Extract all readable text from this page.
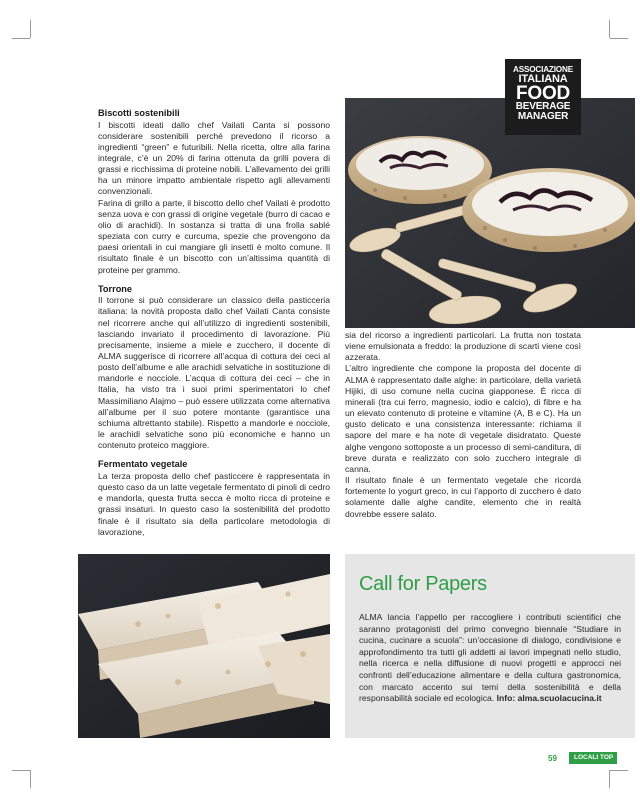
Biscotti sostenibili

I biscotti ideati dallo chef Vailati Canta si possono considerare sostenibili perché prevedono il ricorso a ingredienti “green” e futuribili. Nella ricetta, oltre alla farina integrale, c’è un 20% di farina ottenuta da grilli povera di grassi e ricchissima di proteine nobili. L’allevamento dei grilli ha un minore impatto ambientale rispetto agli allevamenti convenzionali.

Farina di grillo a parte, il biscotto dello chef Vailati è prodotto senza uova e con grassi di origine vegetale (burro di cacao e olio di arachidi). In sostanza si tratta di una frolla sablé speziata con curry e curcuma, spezie che provengono da paesi orientali in cui mangiare gli insetti è molto comune. Il risultato finale è un biscotto con un’altissima quantità di proteine per grammo.

Torrone

Il torrone si può considerare un classico della pasticceria italiana: la novità proposta dallo chef Vailati Canta consiste nel ricorrere anche qui all’utilizzo di ingredienti sostenibili, lasciando invariato il procedimento di lavorazione. Più precisamente, insieme a miele e zucchero, il docente di ALMA suggerisce di ricorrere all’acqua di cottura dei ceci al posto dell’albume e alle arachidi selvatiche in sostituzione di mandorle e nocciole. L’acqua di cottura dei ceci – che in Italia, ha visto tra i suoi primi sperimentatori lo chef Massimiliano Alajmo – può essere utilizzata come alternativa all’albume per il suo potere montante (garantisce una schiuma altrettanto stabile). Rispetto a mandorle e nocciole, le arachidi selvatiche sono più economiche e hanno un contenuto proteico maggiore.

Fermentato vegetale

La terza proposta dello chef pasticcere è rappresentata in questo caso da un latte vegetale fermentato di pinoli di cedro e mandorla, questa frutta secca è molto ricca di proteine e grassi insaturi. In questo caso la sostenibilità del prodotto finale è il risultato sia della particolare metodologia di lavorazione,

ASSOCIAZIONE
ITALIANA
FOOD
BEVERAGE
MANAGER

sia del ricorso a ingredienti particolari. La frutta non tostata viene emulsionata a freddo: la produzione di scarti viene così azzerata.

L’altro ingrediente che compone la proposta del docente di ALMA è rappresentato dalle alghe: in particolare, della varietà Hijiki, di uso comune nella cucina giapponese. È ricca di minerali (tra cui ferro, magnesio, iodio e calcio), di fibre e ha un elevato contenuto di proteine e vitamine (A, B e C). Ha un gusto delicato e una consistenza interessante: richiama il sapore del mare e ha note di vegetale disidratato. Queste alghe vengono sottoposte a un processo di semi-canditura, di breve durata e realizzato con solo zucchero integrale di canna.

Il risultato finale è un fermentato vegetale che ricorda fortemente lo yogurt greco, in cui l’apporto di zucchero è dato solamente dalle alghe candite, elemento che in realtà dovrebbe essere salato.

Call for Papers
ALMA lancia l’appello per raccogliere i contributi scientifici che saranno protagonisti del primo convegno biennale “Studiare in cucina, cucinare a scuola”: un’occasione di dialogo, condivisione e approfondimento tra tutti gli addetti ai lavori impegnati nello studio, nella ricerca e nella diffusione di nuovi progetti e approcci nei confronti dell’educazione alimentare e della cultura gastronomica, con marcato accento sui temi della sostenibilità e della responsabilità sociale ed ecologica. Info: alma.scuolacucina.it
59	LOCALI TOP
